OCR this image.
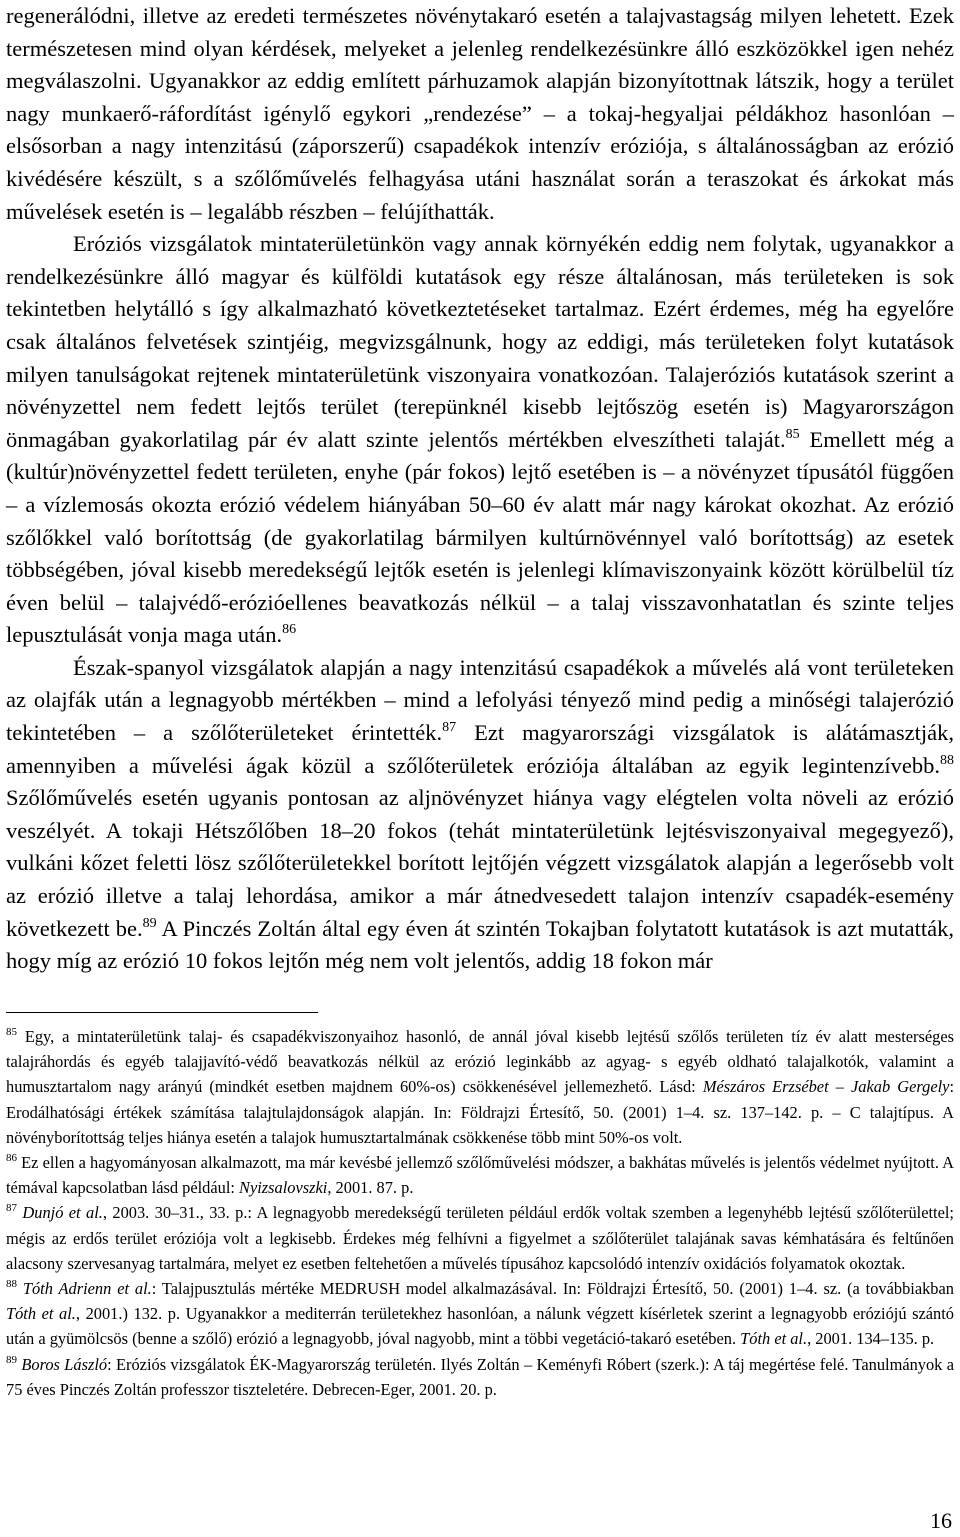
regenerálódni, illetve az eredeti természetes növénytakaró esetén a talajvastagság milyen lehetett. Ezek természetesen mind olyan kérdések, melyeket a jelenleg rendelkezésünkre álló eszközökkel igen nehéz megválaszolni. Ugyanakkor az eddig említett párhuzamok alapján bizonyítottnak látszik, hogy a terület nagy munkaerő-ráfordítást igénylő egykori „rendezése” – a tokaj-hegyaljai példákhoz hasonlóan – elsősorban a nagy intenzitású (záporszerű) csapadékok intenzív eróziója, s általánosságban az erózió kivédésére készült, s a szőlőművelés felhagyása utáni használat során a teraszokat és árkokat más művelések esetén is – legalább részben – felújíthatták.

Eróziós vizsgálatok mintaterületünkön vagy annak környékén eddig nem folytak, ugyanakkor a rendelkezésünkre álló magyar és külföldi kutatások egy része általánosan, más területeken is sok tekintetben helytálló s így alkalmazható következtetéseket tartalmaz. Ezért érdemes, még ha egyelőre csak általános felvetések szintjéig, megvizsgálnunk, hogy az eddigi, más területeken folyt kutatások milyen tanulságokat rejtenek mintaterületünk viszonyaira vonatkozóan. Talajeróziós kutatások szerint a növényzettel nem fedett lejtős terület (terepünknél kisebb lejtőszög esetén is) Magyarországon önmagában gyakorlatilag pár év alatt szinte jelentős mértékben elveszítheti talaját.$^{85}$ Emellett még a (kultúr)növényzettel fedett területen, enyhe (pár fokos) lejtő esetében is – a növényzet típusától függően – a vízlemosás okozta erózió védelem hiányában 50–60 év alatt már nagy károkat okozhat. Az erózió szőlőkkel való borítottság (de gyakorlatilag bármilyen kultúrnövénnyel való borítottság) az esetek többségében, jóval kisebb meredekségű lejtők esetén is jelenlegi klímaviszonyaink között körülbelül tíz éven belül – talajvédő-erózióellenes beavatkozás nélkül – a talaj visszavonhatatlan és szinte teljes lepusztulását vonja maga után.$^{86}$

Észak-spanyol vizsgálatok alapján a nagy intenzitású csapadékok a művelés alá vont területeken az olajfák után a legnagyobb mértékben – mind a lefolyási tényező mind pedig a minőségi talajerózió tekintetében – a szőlőterületeket érintették.$^{87}$ Ezt magyarországi vizsgálatok is alátámasztják, amennyiben a művelési ágak közül a szőlőterületek eróziója általában az egyik legintenzívebb.$^{88}$ Szőlőművelés esetén ugyanis pontosan az aljnövényzet hiánya vagy elégtelen volta növeli az erózió veszélyét. A tokaji Hétszőlőben 18–20 fokos (tehát mintaterületünk lejtésviszonyaival megegyező), vulkáni kőzet feletti lösz szőlőterületekkel borított lejtőjén végzett vizsgálatok alapján a legerősebb volt az erózió illetve a talaj lehordása, amikor a már átnedvesedett talajon intenzív csapadék-esemény következett be.$^{89}$ A Pinczés Zoltán által egy éven át szintén Tokajban folytatott kutatások is azt mutatták, hogy míg az erózió 10 fokos lejtőn még nem volt jelentős, addig 18 fokon már

$^{85}$ Egy, a mintaterületünk talaj- és csapadékviszonyaihoz hasonló, de annál jóval kisebb lejtésű szőlős területen tíz év alatt mesterséges talajráhordás és egyéb talajjavító-védő beavatkozás nélkül az erózió leginkább az agyag- s egyéb oldható talajalkotók, valamint a humusztartalom nagy arányú (mindkét esetben majdnem 60%-os) csökkenésével jellemezhető. Lásd: Mészáros Erzsébet – Jakab Gergely: Erodálhatósági értékek számítása talajtulajdonságok alapján. In: Földrajzi Értesítő, 50. (2001) 1–4. sz. 137–142. p. – C talajtípus. A növényborítottság teljes hiánya esetén a talajok humusztartalmának csökkenése több mint 50%-os volt.

$^{86}$ Ez ellen a hagyományosan alkalmazott, ma már kevésbé jellemző szőlőművelési módszer, a bakhátas művelés is jelentős védelmet nyújtott. A témával kapcsolatban lásd például: Nyizsalovszki, 2001. 87. p.

$^{87}$ Dunjó et al., 2003. 30–31., 33. p.: A legnagyobb meredekségű területen például erdők voltak szemben a legenyhébb lejtésű szőlőterülettel; mégis az erdős terület eróziója volt a legkisebb. Érdekes még felhívni a figyelmet a szőlőterület talajának savas kémhatására és feltűnően alacsony szervesanyag tartalmára, melyet ez esetben feltehetően a művelés típusához kapcsolódó intenzív oxidációs folyamatok okoztak.

$^{88}$ Tóth Adrienn et al.: Talajpusztulás mértéke MEDRUSH model alkalmazásával. In: Földrajzi Értesítő, 50. (2001) 1–4. sz. (a továbbiakban Tóth et al., 2001.) 132. p. Ugyanakkor a mediterrán területekhez hasonlóan, a nálunk végzett kísérletek szerint a legnagyobb eróziójú szántó után a gyümölcsös (benne a szőlő) erózió a legnagyobb, jóval nagyobb, mint a többi vegetáció-takaró esetében. Tóth et al., 2001. 134–135. p.

$^{89}$ Boros László: Eróziós vizsgálatok ÉK-Magyarország területén. Ilyés Zoltán – Keményfi Róbert (szerk.): A táj megértése felé. Tanulmányok a 75 éves Pinczés Zoltán professzor tiszteletére. Debrecen-Eger, 2001. 20. p.

16
